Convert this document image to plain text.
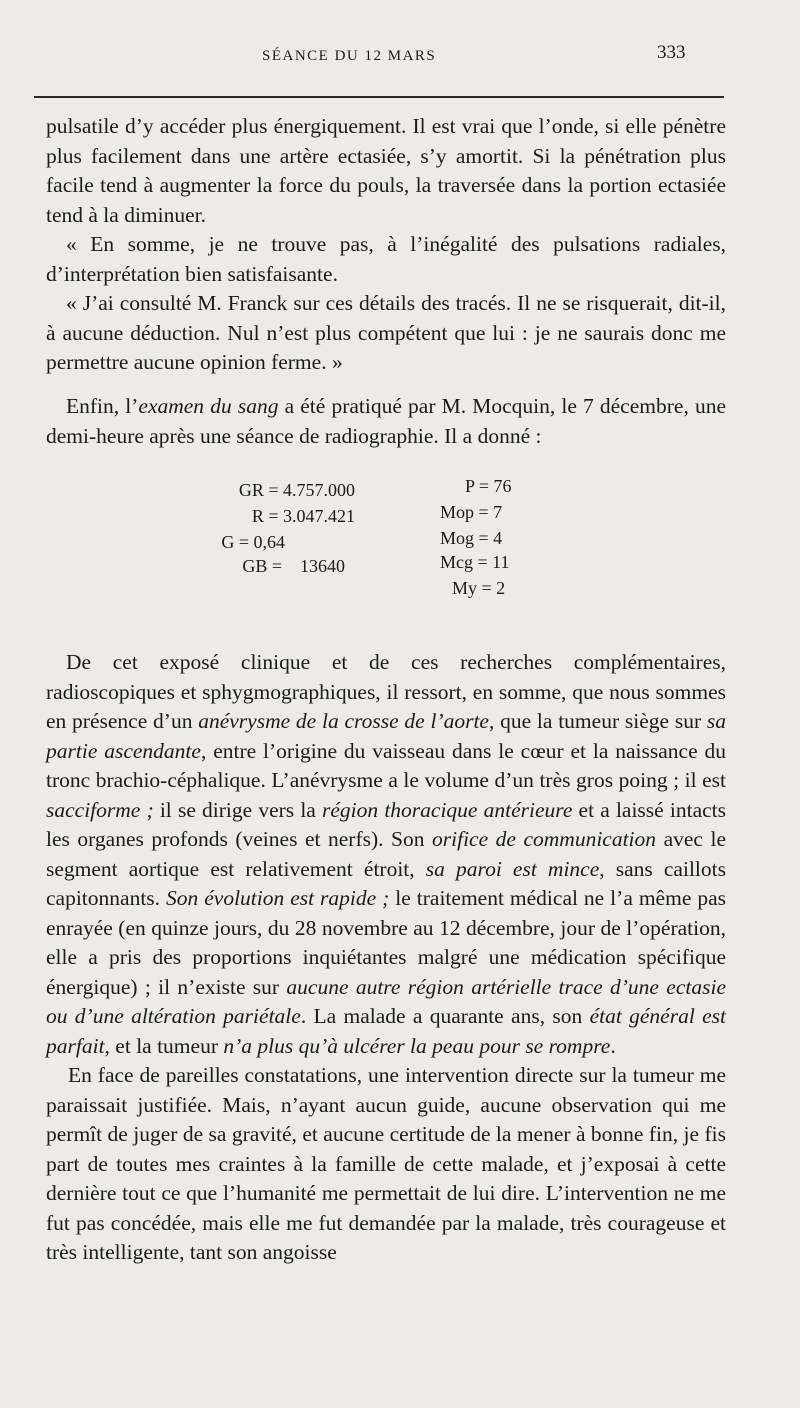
SÉANCE DU 12 MARS	333

pulsatile d’y accéder plus énergiquement. Il est vrai que l’onde, si elle pénètre plus facilement dans une artère ectasiée, s’y amortit. Si la pénétration plus facile tend à augmenter la force du pouls, la traversée dans la portion ectasiée tend à la diminuer.

« En somme, je ne trouve pas, à l’inégalité des pulsations radiales, d’interprétation bien satisfaisante.

« J’ai consulté M. Franck sur ces détails des tracés. Il ne se risquerait, dit-il, à aucune déduction. Nul n’est plus compétent que lui : je ne saurais donc me permettre aucune opinion ferme. »

Enfin, l’examen du sang a été pratiqué par M. Mocquin, le 7 décembre, une demi-heure après une séance de radiographie. Il a donné :

GR = 4.757.000
R = 3.047.421
G = 0,64
GB =    13640
P = 76
Mop = 7
Mog = 4
Mcg = 11
My = 2

De cet exposé clinique et de ces recherches complémentaires, radioscopiques et sphygmographiques, il ressort, en somme, que nous sommes en présence d’un anévrysme de la crosse de l’aorte, que la tumeur siège sur sa partie ascendante, entre l’origine du vaisseau dans le cœur et la naissance du tronc brachio-céphalique. L’anévrysme a le volume d’un très gros poing ; il est sacciforme ; il se dirige vers la région thoracique antérieure et a laissé intacts les organes profonds (veines et nerfs). Son orifice de communication avec le segment aortique est relativement étroit, sa paroi est mince, sans caillots capitonnants. Son évolution est rapide ; le traitement médical ne l’a même pas enrayée (en quinze jours, du 28 novembre au 12 décembre, jour de l’opération, elle a pris des proportions inquiétantes malgré une médication spécifique énergique) ; il n’existe sur aucune autre région artérielle trace d’une ectasie ou d’une altération pariétale. La malade a quarante ans, son état général est parfait, et la tumeur n’a plus qu’à ulcérer la peau pour se rompre.

En face de pareilles constatations, une intervention directe sur la tumeur me paraissait justifiée. Mais, n’ayant aucun guide, aucune observation qui me permît de juger de sa gravité, et aucune certitude de la mener à bonne fin, je fis part de toutes mes craintes à la famille de cette malade, et j’exposai à cette dernière tout ce que l’humanité me permettait de lui dire. L’intervention ne me fut pas concédée, mais elle me fut demandée par la malade, très courageuse et très intelligente, tant son angoisse
